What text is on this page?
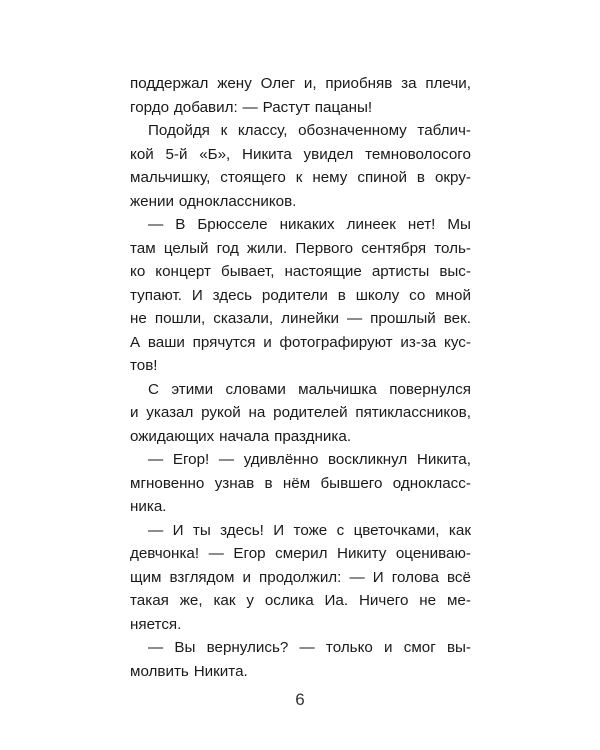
поддержал жену Олег и, приобняв за плечи,
гордо добавил: — Растут пацаны!
Подойдя к классу, обозначенному таблич-
кой 5-й «Б», Никита увидел темноволосого
мальчишку, стоящего к нему спиной в окру-
жении одноклассников.
— В Брюсселе никаких линеек нет! Мы
там целый год жили. Первого сентября толь-
ко концерт бывает, настоящие артисты выс-
тупают. И здесь родители в школу со мной
не пошли, сказали, линейки — прошлый век.
А ваши прячутся и фотографируют из-за кус-
тов!
С этими словами мальчишка повернулся
и указал рукой на родителей пятиклассников,
ожидающих начала праздника.
— Егор! — удивлённо воскликнул Никита,
мгновенно узнав в нём бывшего однокласс-
ника.
— И ты здесь! И тоже с цветочками, как
девчонка! — Егор смерил Никиту оцениваю-
щим взглядом и продолжил: — И голова всё
такая же, как у ослика Иа. Ничего не ме-
няется.
— Вы вернулись? — только и смог вы-
молвить Никита.
6
